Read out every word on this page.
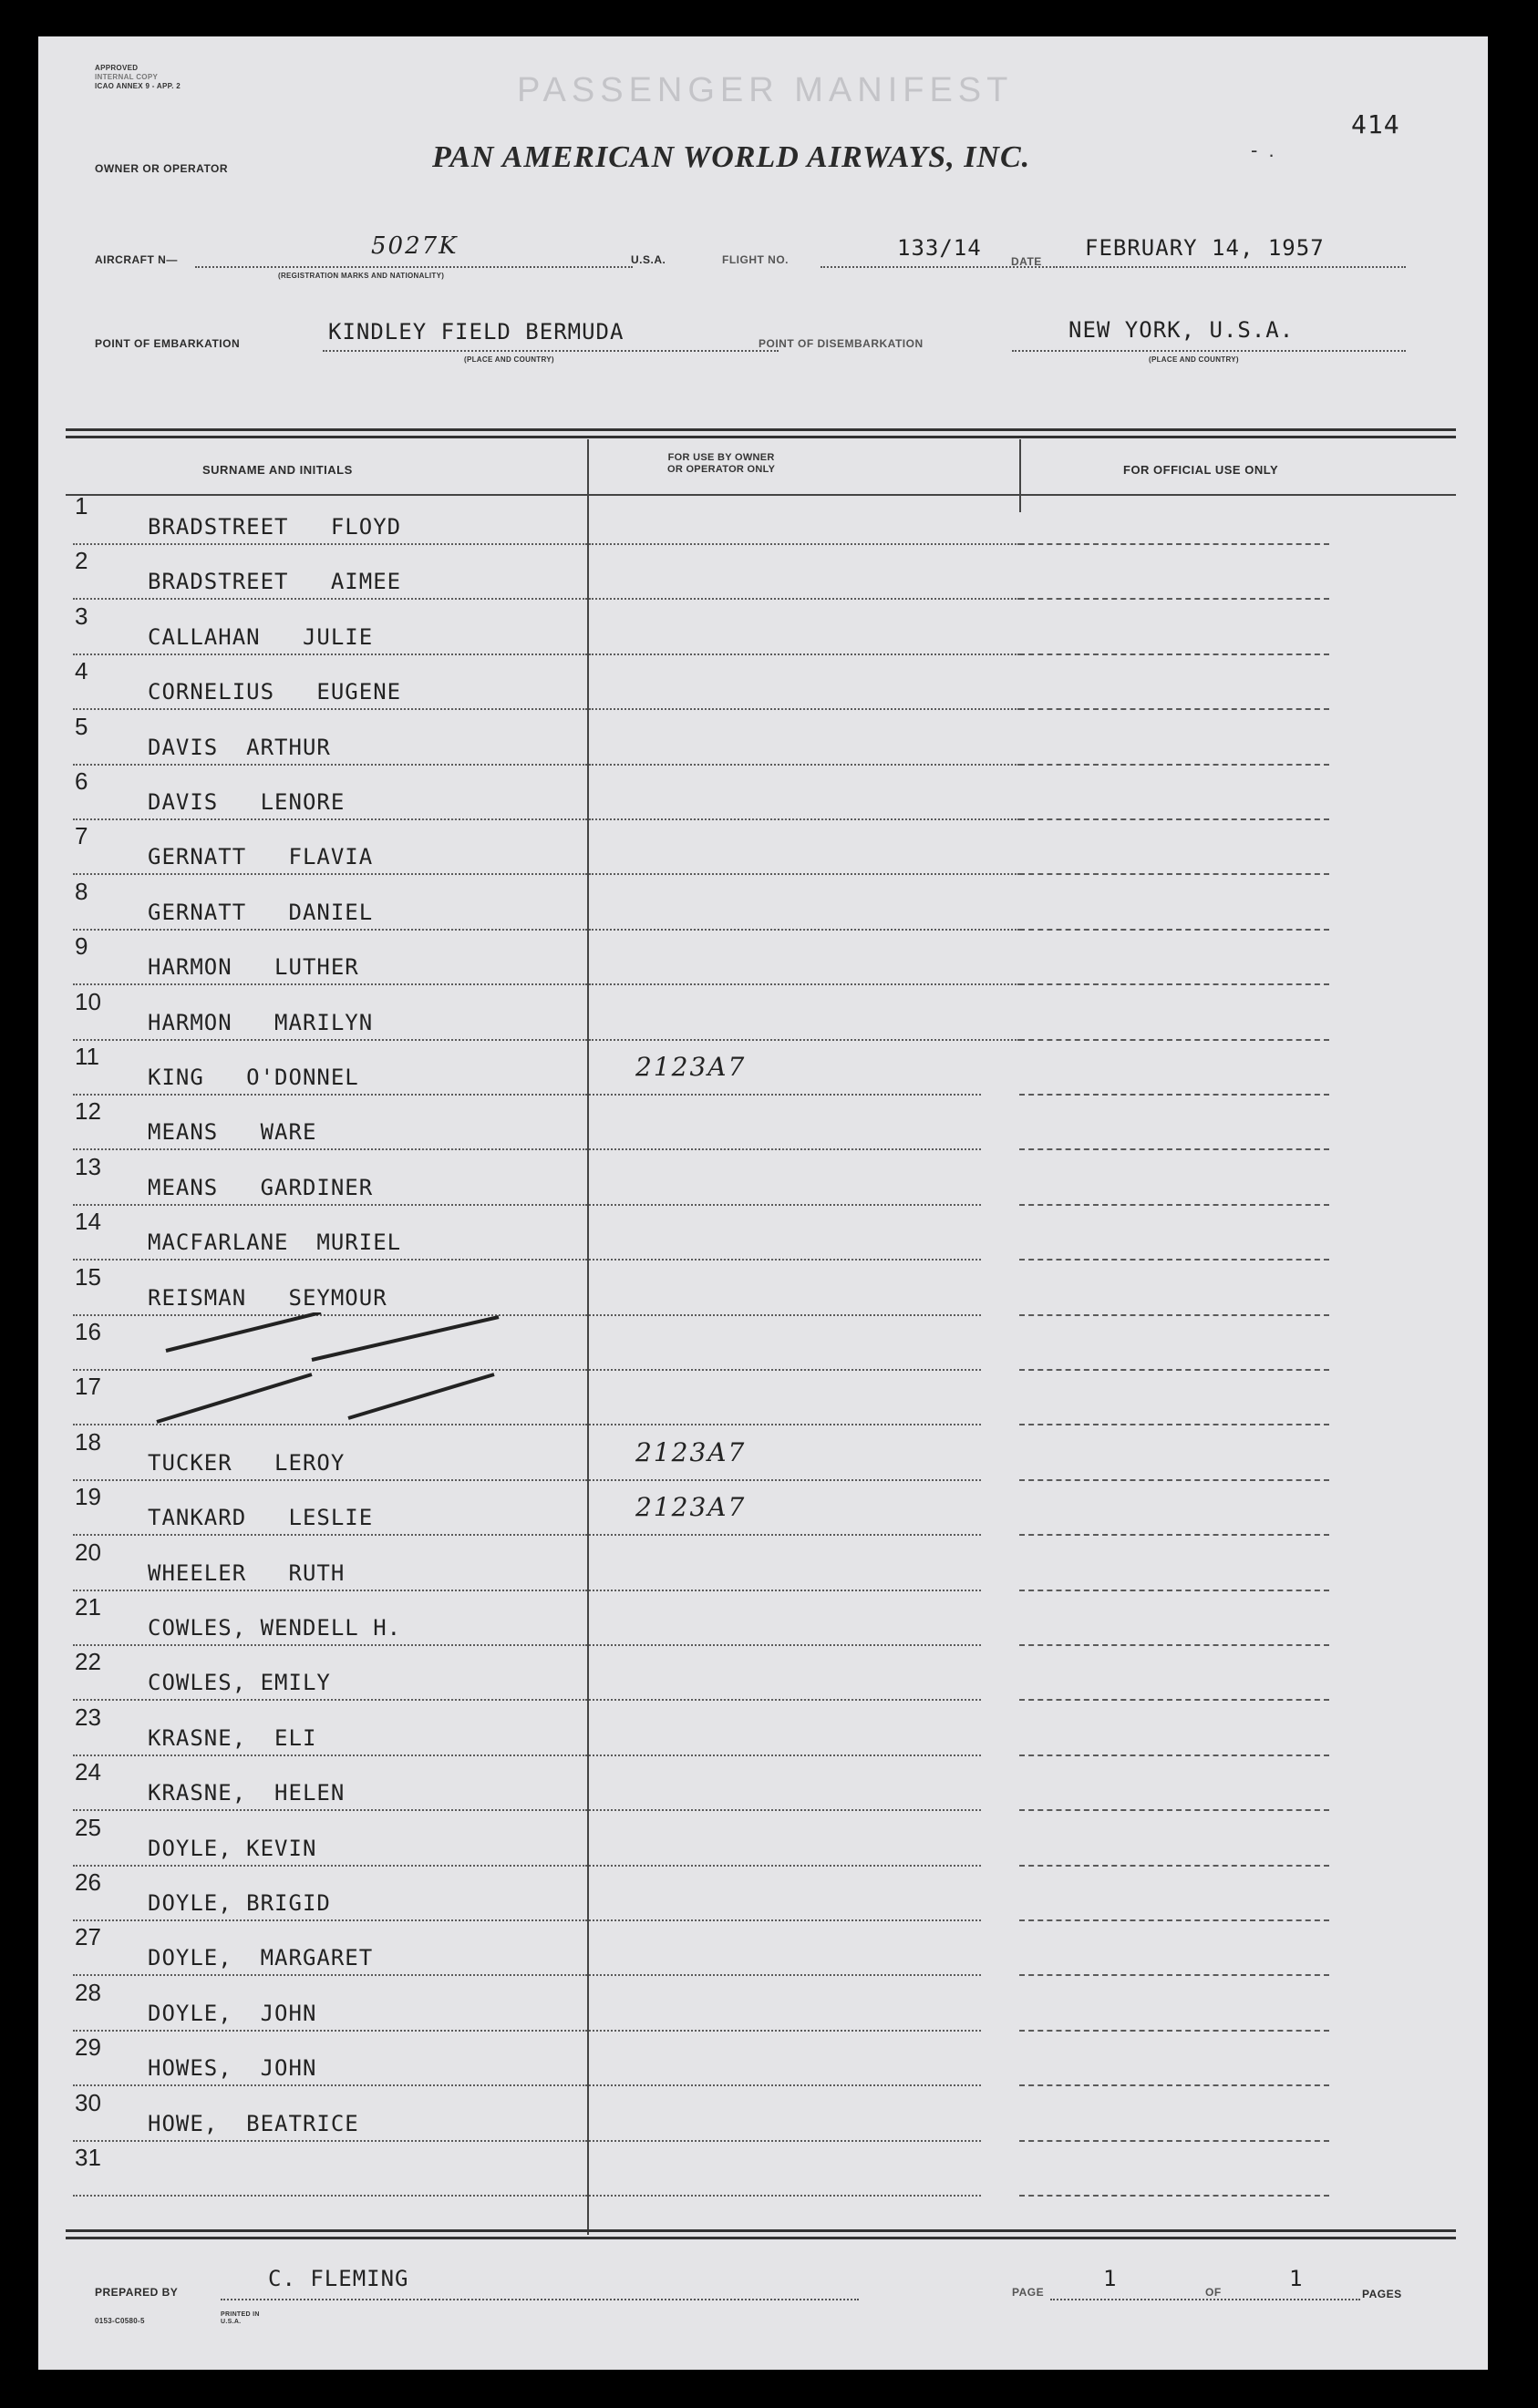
APPROVED
INTERNAL COPY
ICAO ANNEX 9 - APP. 2	PASSENGER MANIFEST
414
-  .
OWNER OR OPERATOR	PAN AMERICAN WORLD AIRWAYS, INC.
AIRCRAFT N—	5027K
(REGISTRATION MARKS AND NATIONALITY)
U.S.A.	FLIGHT NO.	133/14
DATE
FEBRUARY 14, 1957
POINT OF EMBARKATION	KINDLEY FIELD BERMUDA
(PLACE AND COUNTRY)
POINT OF DISEMBARKATION
NEW YORK, U.S.A.
(PLACE AND COUNTRY)
SURNAME AND INITIALS
FOR USE BY OWNER
OR OPERATOR ONLY	FOR OFFICIAL USE ONLY
1
BRADSTREET   FLOYD
2
BRADSTREET   AIMEE
3
CALLAHAN   JULIE
4
CORNELIUS   EUGENE
5
DAVIS  ARTHUR
6
DAVIS   LENORE
7
GERNATT   FLAVIA
8
GERNATT   DANIEL
9
HARMON   LUTHER
10
HARMON   MARILYN
11
KING   O'DONNEL	2123A7
12
MEANS   WARE
13
MEANS   GARDINER
14
MACFARLANE  MURIEL
15
REISMAN   SEYMOUR
16
17
18
TUCKER   LEROY	2123A7
19
TANKARD   LESLIE	2123A7
20
WHEELER   RUTH
21
COWLES, WENDELL H.
22
COWLES, EMILY
23
KRASNE,  ELI
24
KRASNE,  HELEN
25
DOYLE, KEVIN
26
DOYLE, BRIGID
27
DOYLE,  MARGARET
28
DOYLE,  JOHN
29
HOWES,  JOHN
30
HOWE,  BEATRICE
31
PREPARED BY
C. FLEMING
PAGE
1
OF
1
PAGES
0153-C0580-5
PRINTED IN U.S.A.
